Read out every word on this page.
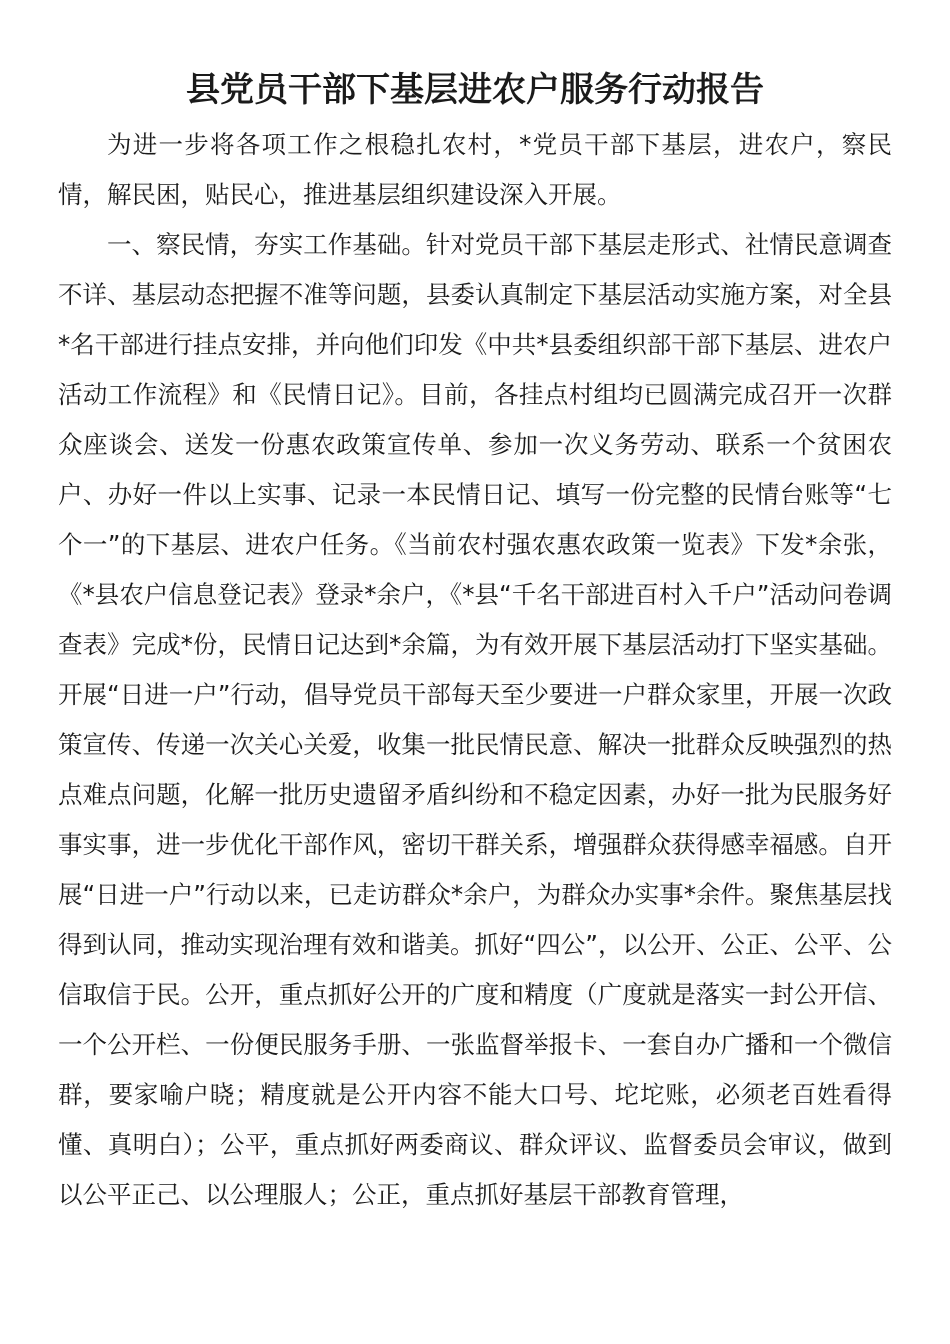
县党员干部下基层进农户服务行动报告

为进一步将各项工作之根稳扎农村，*党员干部下基层，进农户，察民情，解民困，贴民心，推进基层组织建设深入开展。

一、察民情，夯实工作基础。针对党员干部下基层走形式、社情民意调查不详、基层动态把握不准等问题，县委认真制定下基层活动实施方案，对全县*名干部进行挂点安排，并向他们印发《中共*县委组织部干部下基层、进农户活动工作流程》和《民情日记》。目前，各挂点村组均已圆满完成召开一次群众座谈会、送发一份惠农政策宣传单、参加一次义务劳动、联系一个贫困农户、办好一件以上实事、记录一本民情日记、填写一份完整的民情台账等“七个一”的下基层、进农户任务。《当前农村强农惠农政策一览表》下发*余张，《*县农户信息登记表》登录*余户，《*县“千名干部进百村入千户”活动问卷调查表》完成*份，民情日记达到*余篇，为有效开展下基层活动打下坚实基础。开展“日进一户”行动，倡导党员干部每天至少要进一户群众家里，开展一次政策宣传、传递一次关心关爱，收集一批民情民意、解决一批群众反映强烈的热点难点问题，化解一批历史遗留矛盾纠纷和不稳定因素，办好一批为民服务好事实事，进一步优化干部作风，密切干群关系，增强群众获得感幸福感。自开展“日进一户”行动以来，已走访群众*余户，为群众办实事*余件。聚焦基层找得到认同，推动实现治理有效和谐美。抓好“四公”，以公开、公正、公平、公信取信于民。公开，重点抓好公开的广度和精度（广度就是落实一封公开信、一个公开栏、一份便民服务手册、一张监督举报卡、一套自办广播和一个微信群，要家喻户晓；精度就是公开内容不能大口号、坨坨账，必须老百姓看得懂、真明白）；公平，重点抓好两委商议、群众评议、监督委员会审议，做到以公平正己、以公理服人；公正，重点抓好基层干部教育管理，
